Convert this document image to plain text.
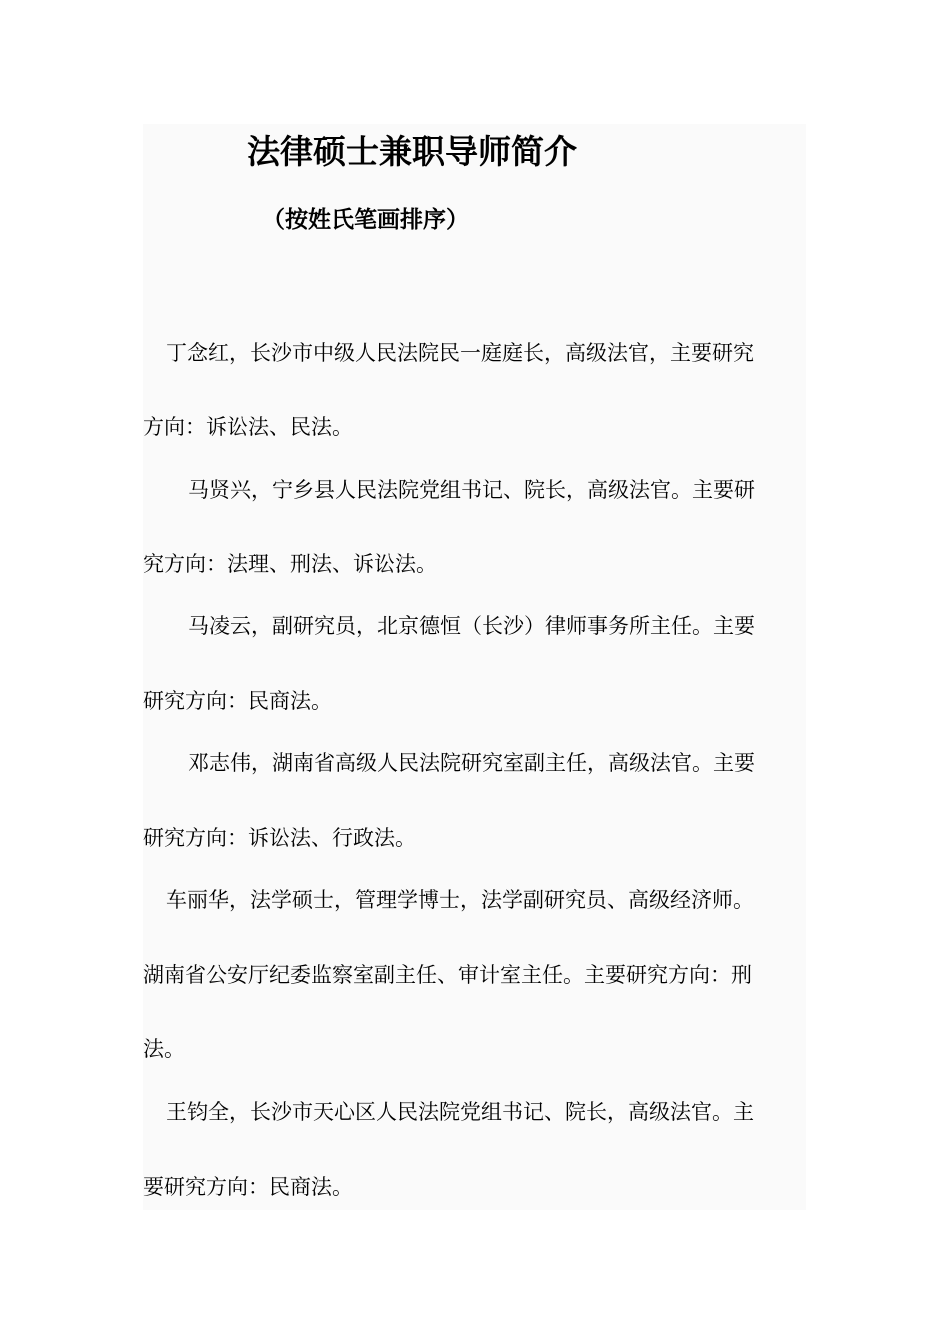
法律硕士兼职导师简介
（按姓氏笔画排序）
丁念红，长沙市中级人民法院民一庭庭长，高级法官，主要研究
方向：诉讼法、民法。
马贤兴，宁乡县人民法院党组书记、院长，高级法官。主要研
究方向：法理、刑法、诉讼法。
马凌云，副研究员，北京德恒（长沙）律师事务所主任。主要
研究方向：民商法。
邓志伟，湖南省高级人民法院研究室副主任，高级法官。主要
研究方向：诉讼法、行政法。
车丽华，法学硕士，管理学博士，法学副研究员、高级经济师。
湖南省公安厅纪委监察室副主任、审计室主任。主要研究方向：刑
法。
王钧全，长沙市天心区人民法院党组书记、院长，高级法官。主
要研究方向：民商法。
